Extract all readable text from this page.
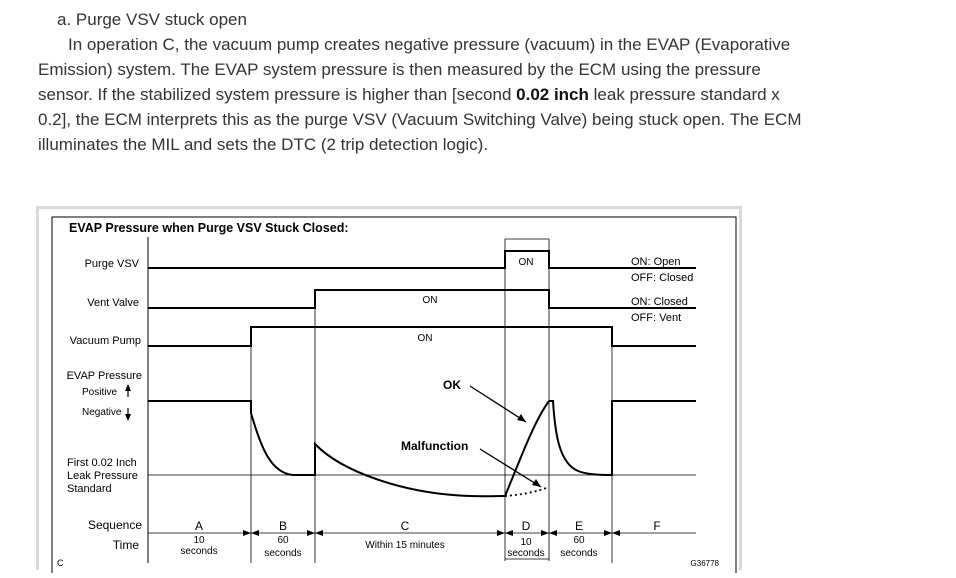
a. Purge VSV stuck open

In operation C, the vacuum pump creates negative pressure (vacuum) in the EVAP (Evaporative
Emission) system. The EVAP system pressure is then measured by the ECM using the pressure
sensor. If the stabilized system pressure is higher than [second 0.02 inch leak pressure standard x
0.2], the ECM interprets this as the purge VSV (Vacuum Switching Valve) being stuck open. The ECM
illuminates the MIL and sets the DTC (2 trip detection logic).

EVAP Pressure when Purge VSV Stuck Closed:
Purge VSV
Vent Valve
Vacuum Pump
EVAP Pressure
Positive
Negative
First 0.02 Inch
Leak Pressure
Standard
Sequence
Time
ON
ON
ON
ON: Open
OFF: Closed
ON: Closed
OFF: Vent
OK
Malfunction
A	B	C	D	E	F
10
seconds
60
seconds
Within 15 minutes	10
seconds
60
seconds
C	G36778
